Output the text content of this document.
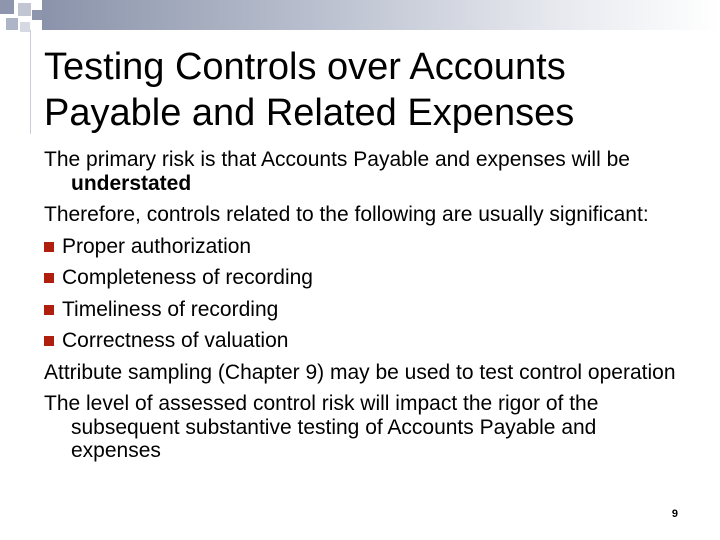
Testing Controls over Accounts
Payable and Related Expenses

The primary risk is that Accounts Payable and expenses will be understated

Therefore, controls related to the following are usually significant:

Proper authorization
Completeness of recording
Timeliness of recording
Correctness of valuation

Attribute sampling (Chapter 9) may be used to test control operation

The level of assessed control risk will impact the rigor of the subsequent substantive testing of Accounts Payable and expenses

9
